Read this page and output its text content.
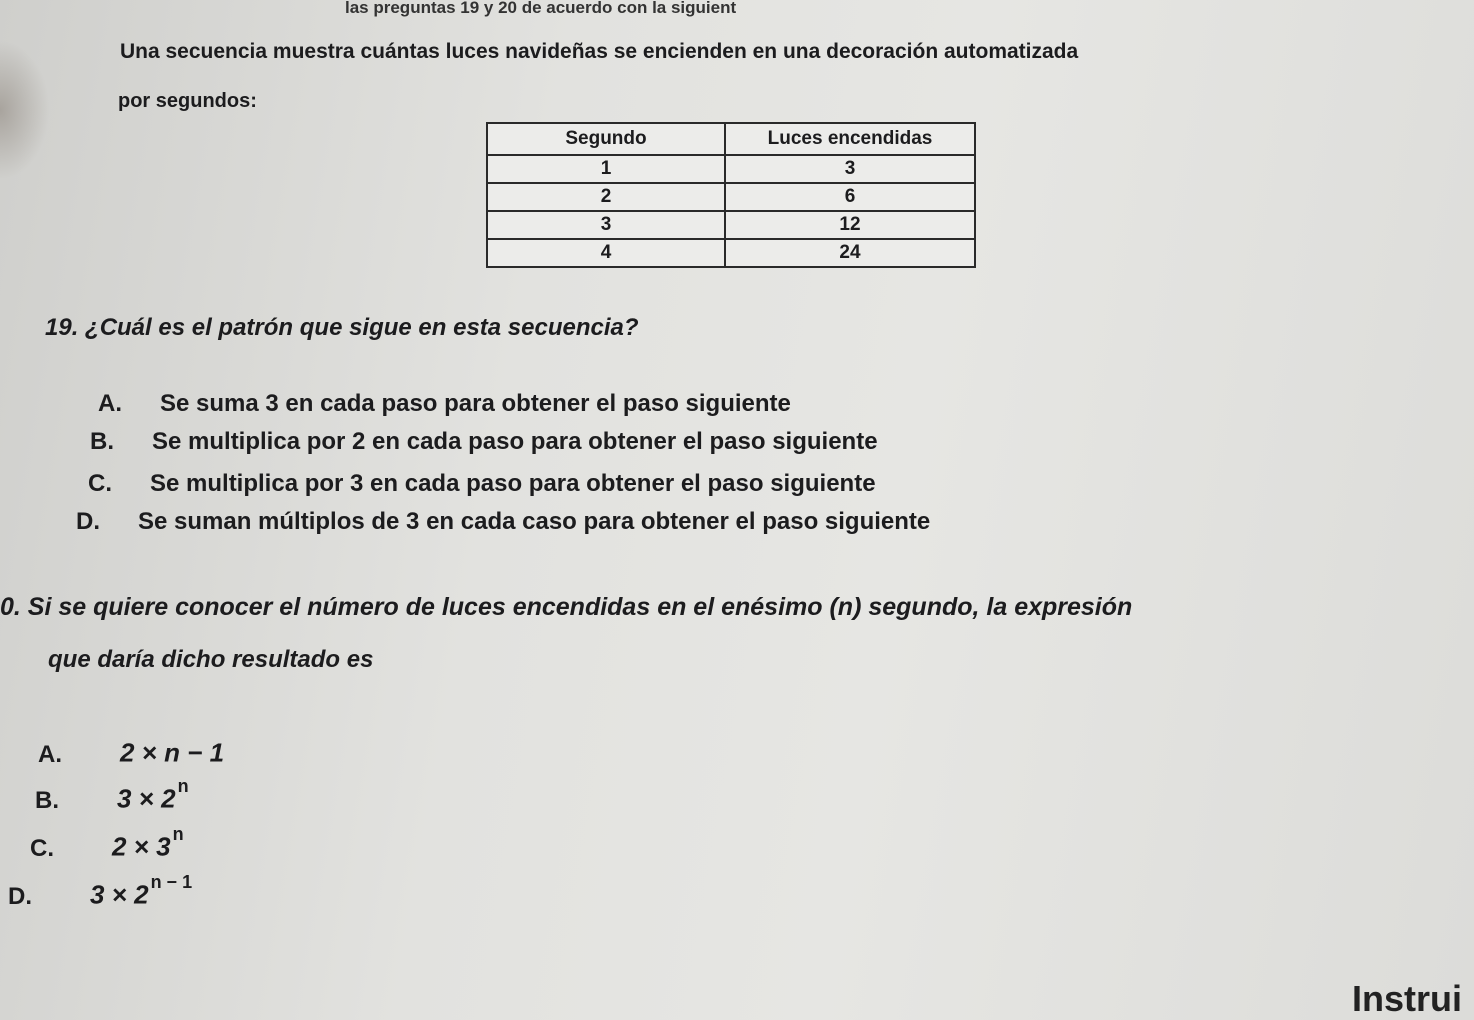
las preguntas 19 y 20 de acuerdo con la siguient
Una secuencia muestra cuántas luces navideñas se encienden en una decoración automatizada
por segundos:
Segundo	Luces encendidas
1	3
2	6
3	12
4	24
19. ¿Cuál es el patrón que sigue en esta secuencia?
A. Se suma 3 en cada paso para obtener el paso siguiente
B. Se multiplica por 2 en cada paso para obtener el paso siguiente
C. Se multiplica por 3 en cada paso para obtener el paso siguiente
D. Se suman múltiplos de 3 en cada caso para obtener el paso siguiente
0. Si se quiere conocer el número de luces encendidas en el enésimo (n) segundo, la expresión
que daría dicho resultado es
A. 2 × n − 1
B. 3 × 2 $^n$
C. 2 × 3 $^n$
D. 3 × 2 $^{n - 1}$
Instrui
